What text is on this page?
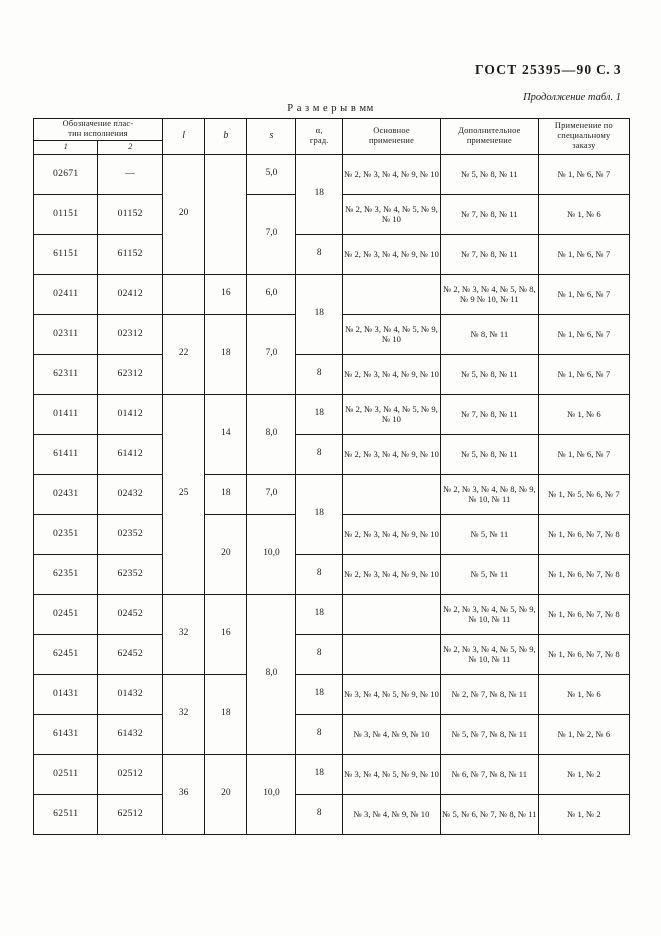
ГОСТ 25395—90 С. 3
Продолжение табл. 1
Р а з м е р ы в мм
Обозначение плас-
тин исполнения		l	b	s	α,
град.	Основное
применение	Дополнительное
применение	Применение по
специальному
заказу
1	2							
02671	—	20		5,0	18	№ 2, № 3, № 4, № 9, № 10	№ 5, № 8, № 11	№ 1, № 6, № 7
01151	01152			7,0		№ 2, № 3, № 4, № 5, № 9, № 10	№ 7, № 8, № 11	№ 1, № 6
61151	61152				8	№ 2, № 3, № 4, № 9, № 10	№ 7, № 8, № 11	№ 1, № 6, № 7
02411	02412		16	6,0	18		№ 2, № 3, № 4, № 5, № 8, № 9 № 10, № 11	№ 1, № 6, № 7
02311	02312	22	18	7,0		№ 2, № 3, № 4, № 5, № 9, № 10	№ 8, № 11	№ 1, № 6, № 7
62311	62312				8	№ 2, № 3, № 4, № 9, № 10	№ 5, № 8, № 11	№ 1, № 6, № 7
01411	01412	25	14	8,0	18	№ 2, № 3, № 4, № 5, № 9, № 10	№ 7, № 8, № 11	№ 1, № 6
61411	61412				8	№ 2, № 3, № 4, № 9, № 10	№ 5, № 8, № 11	№ 1, № 6, № 7
02431	02432		18	7,0	18		№ 2, № 3, № 4, № 8, № 9, № 10, № 11	№ 1, № 5, № 6, № 7
02351	02352		20	10,0		№ 2, № 3, № 4, № 9, № 10	№ 5, № 11	№ 1, № 6, № 7, № 8
62351	62352				8	№ 2, № 3, № 4, № 9, № 10	№ 5, № 11	№ 1, № 6, № 7, № 8
02451	02452	32	16	8,0	18		№ 2, № 3, № 4, № 5, № 9, № 10, № 11	№ 1, № 6, № 7, № 8
62451	62452				8		№ 2, № 3, № 4, № 5, № 9, № 10, № 11	№ 1, № 6, № 7, № 8
01431	01432	32	18		18	№ 3, № 4, № 5, № 9, № 10	№ 2, № 7, № 8, № 11	№ 1, № 6
61431	61432				8	№ 3, № 4, № 9, № 10	№ 5, № 7, № 8, № 11	№ 1, № 2, № 6
02511	02512	36	20	10,0	18	№ 3, № 4, № 5, № 9, № 10	№ 6, № 7, № 8, № 11	№ 1, № 2
62511	62512				8	№ 3, № 4, № 9, № 10	№ 5, № 6, № 7, № 8, № 11	№ 1, № 2
